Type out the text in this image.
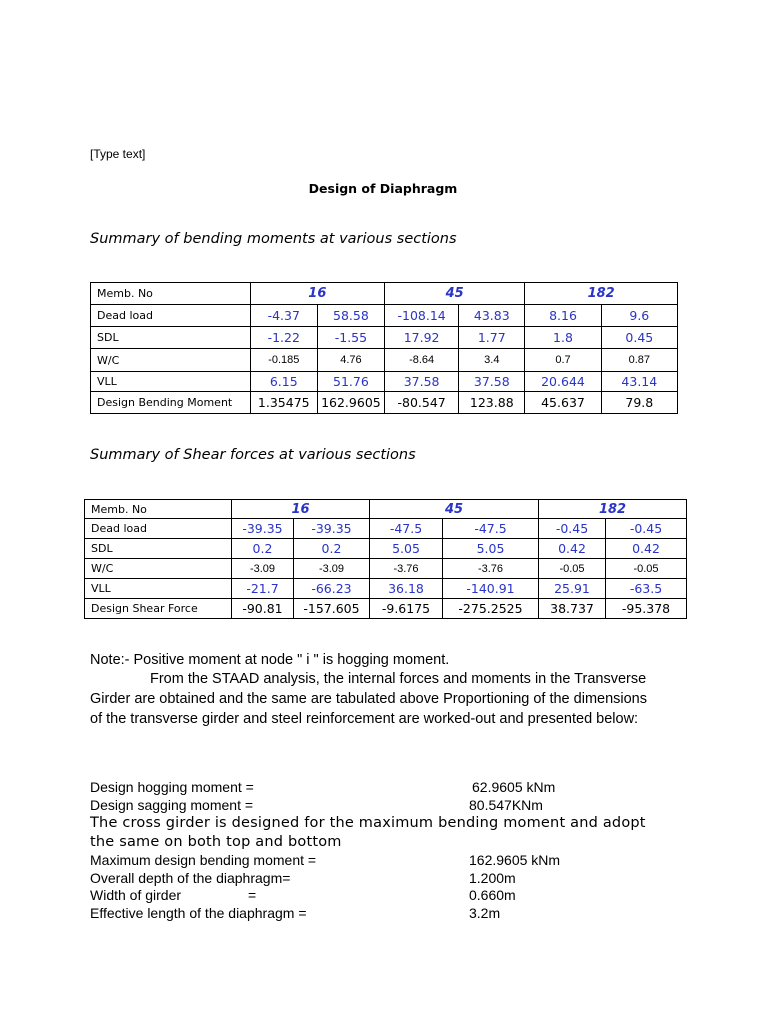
[Type text]
Design of Diaphragm
Summary of bending moments at various sections
Memb. No	16		45		182	
Dead load	-4.37	58.58	-108.14	43.83	8.16	9.6
SDL	-1.22	-1.55	17.92	1.77	1.8	0.45
W/C	-0.185	4.76	-8.64	3.4	0.7	0.87
VLL	6.15	51.76	37.58	37.58	20.644	43.14
Design Bending Moment	1.35475	162.9605	-80.547	123.88	45.637	79.8
Summary of Shear forces at various sections
Memb. No	16		45		182	
Dead load	-39.35	-39.35	-47.5	-47.5	-0.45	-0.45
SDL	0.2	0.2	5.05	5.05	0.42	0.42
W/C	-3.09	-3.09	-3.76	-3.76	-0.05	-0.05
VLL	-21.7	-66.23	36.18	-140.91	25.91	-63.5
Design Shear Force	-90.81	-157.605	-9.6175	-275.2525	38.737	-95.378
Note:- Positive moment at node " i " is hogging moment.
From the STAAD analysis, the internal forces and moments in the Transverse
Girder are obtained and the same are tabulated above Proportioning of the dimensions
of the transverse girder and steel reinforcement are worked-out and presented below:
Design hogging moment =	62.9605 kNm
Design sagging moment =	80.547KNm
The cross girder is designed for the maximum bending moment and adopt
the same on both top and bottom
Maximum design bending moment =	162.9605 kNm
Overall depth of the diaphragm=	1.200m
Width of girder	=	0.660m
Effective length of the diaphragm =	3.2m
